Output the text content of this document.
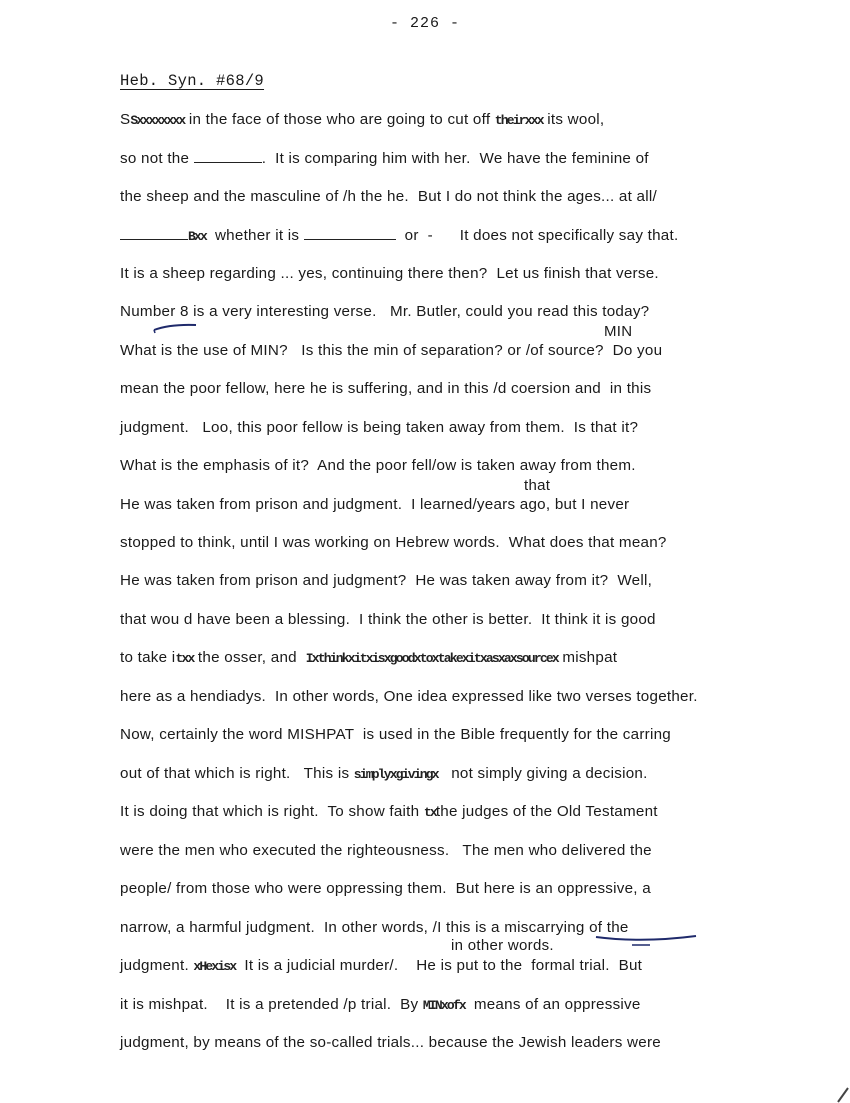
- 226 -
Heb. Syn. #68/9
SSxxxxxxxx in the face of those who are going to cut off theirxxx its wool,
so not the	.  It is comparing him with her.  We have the feminine of
the sheep and the masculine of /h the he.  But I do not think the ages... at all/
Bxx  whether it is	or  -      It does not specifically say that.
It is a sheep regarding ... yes, continuing there then?  Let us finish that verse.
Number 8 is a very interesting verse.   Mr. Butler, could you read this today?
What is the use of MIN?   Is this the min of separation? or /of source?  Do you
mean the poor fellow, here he is suffering, and in this /d coersion and  in this
judgment.   Loo, this poor fellow is being taken away from them.  Is that it?
What is the emphasis of it?  And the poor fell/ow is taken away from them.
He was taken from prison and judgment.  I learned/years ago, but I never
stopped to think, until I was working on Hebrew words.  What does that mean?
He was taken from prison and judgment?  He was taken away from it?  Well,
that wou d have been a blessing.  I think the other is better.  It think it is good
to take itxx the osser, and  Ixthinkxitxisxgoodxtoxtakexitxasxaxsourcex mishpat
here as a hendiadys.  In other words, One idea expressed like two verses together.
Now, certainly the word MISHPAT  is used in the Bible frequently for the carring
out of that which is right.   This is simplyxgivingx   not simply giving a decision.
It is doing that which is right.  To show faith txthe judges of the Old Testament
were the men who executed the righteousness.   The men who delivered the
people/ from those who were oppressing them.  But here is an oppressive, a
narrow, a harmful judgment.  In other words, /I this is a miscarrying of the
judgment. xHexisx  It is a judicial murder/.    He is put to the  formal trial.  But
it is mishpat.    It is a pretended /p trial.  By MINxofx  means of an oppressive
judgment, by means of the so-called trials... because the Jewish leaders were
MIN
that
in other words.
